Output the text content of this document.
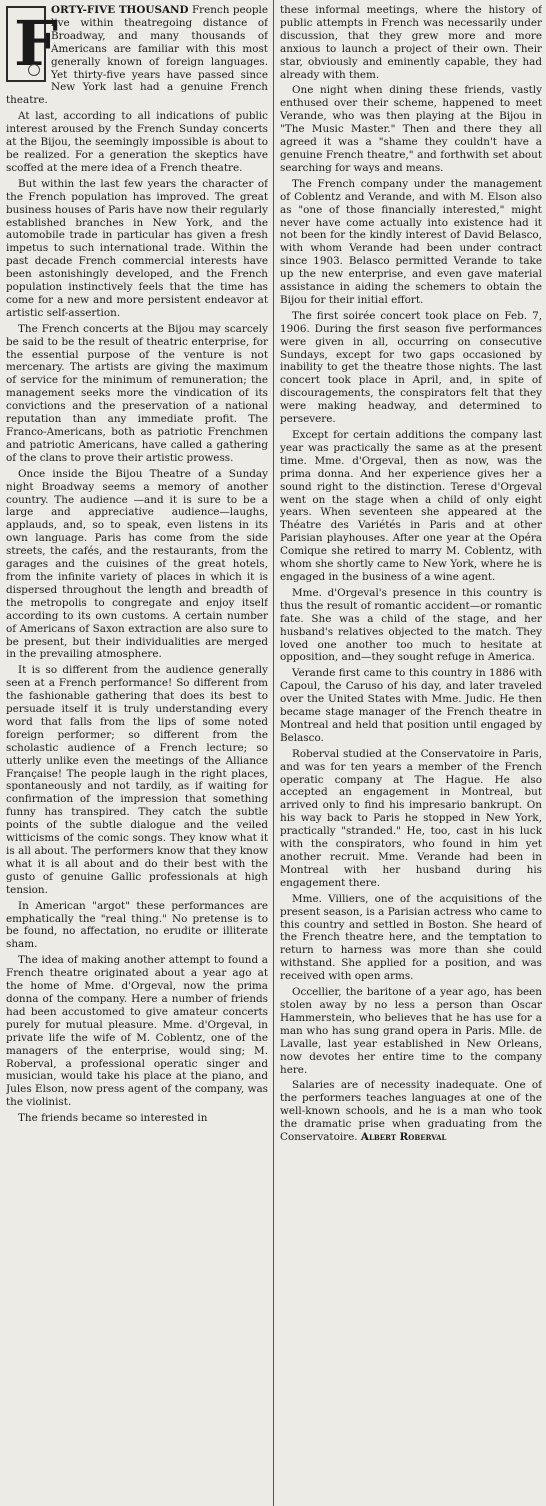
F
ORTY-FIVE THOUSAND French people live within theatregoing distance of Broadway, and many thousands of Americans are familiar with this most generally known of foreign languages. Yet thirty-five years have passed since New York last had a genuine French theatre.

At last, according to all indications of public interest aroused by the French Sunday concerts at the Bijou, the seemingly impossible is about to be realized. For a generation the skeptics have scoffed at the mere idea of a French theatre.

But within the last few years the character of the French population has improved. The great business houses of Paris have now their regularly established branches in New York, and the automobile trade in particular has given a fresh impetus to such international trade. Within the past decade French commercial interests have been astonishingly developed, and the French population instinctively feels that the time has come for a new and more persistent endeavor at artistic self-assertion.

The French concerts at the Bijou may scarcely be said to be the result of theatric enterprise, for the essential purpose of the venture is not mercenary. The artists are giving the maximum of service for the minimum of remuneration; the management seeks more the vindication of its convictions and the preservation of a national reputation than any immediate profit. The Franco-Americans, both as patriotic Frenchmen and patriotic Americans, have called a gathering of the clans to prove their artistic prowess.

Once inside the Bijou Theatre of a Sunday night Broadway seems a memory of another country. The audience —and it is sure to be a large and appreciative audience—laughs, applauds, and, so to speak, even listens in its own language. Paris has come from the side streets, the cafés, and the restaurants, from the garages and the cuisines of the great hotels, from the infinite variety of places in which it is dispersed throughout the length and breadth of the metropolis to congregate and enjoy itself according to its own customs. A certain number of Americans of Saxon extraction are also sure to be present, but their individualities are merged in the prevailing atmosphere.

It is so different from the audience generally seen at a French performance! So different from the fashionable gathering that does its best to persuade itself it is truly understanding every word that falls from the lips of some noted foreign performer; so different from the scholastic audience of a French lecture; so utterly unlike even the meetings of the Alliance Française! The people laugh in the right places, spontaneously and not tardily, as if waiting for confirmation of the impression that something funny has transpired. They catch the subtle points of the subtle dialogue and the veiled witticisms of the comic songs. They know what it is all about. The performers know that they know what it is all about and do their best with the gusto of genuine Gallic professionals at high tension.

In American "argot" these performances are emphatically the "real thing." No pretense is to be found, no affectation, no erudite or illiterate sham.

The idea of making another attempt to found a French theatre originated about a year ago at the home of Mme. d'Orgeval, now the prima donna of the company. Here a number of friends had been accustomed to give amateur concerts purely for mutual pleasure. Mme. d'Orgeval, in private life the wife of M. Coblentz, one of the managers of the enterprise, would sing; M. Roberval, a professional operatic singer and musician, would take his place at the piano, and Jules Elson, now press agent of the company, was the violinist.

The friends became so interested in

these informal meetings, where the history of public attempts in French was necessarily under discussion, that they grew more and more anxious to launch a project of their own. Their star, obviously and eminently capable, they had already with them.

One night when dining these friends, vastly enthused over their scheme, happened to meet Verande, who was then playing at the Bijou in "The Music Master." Then and there they all agreed it was a "shame they couldn't have a genuine French theatre," and forthwith set about searching for ways and means.

The French company under the management of Coblentz and Verande, and with M. Elson also as "one of those financially interested," might never have come actually into existence had it not been for the kindly interest of David Belasco, with whom Verande had been under contract since 1903. Belasco permitted Verande to take up the new enterprise, and even gave material assistance in aiding the schemers to obtain the Bijou for their initial effort.

The first soirée concert took place on Feb. 7, 1906. During the first season five performances were given in all, occurring on consecutive Sundays, except for two gaps occasioned by inability to get the theatre those nights. The last concert took place in April, and, in spite of discouragements, the conspirators felt that they were making headway, and determined to persevere.

Except for certain additions the company last year was practically the same as at the present time. Mme. d'Orgeval, then as now, was the prima donna. And her experience gives her a sound right to the distinction. Terese d'Orgeval went on the stage when a child of only eight years. When seventeen she appeared at the Théatre des Variétés in Paris and at other Parisian playhouses. After one year at the Opéra Comique she retired to marry M. Coblentz, with whom she shortly came to New York, where he is engaged in the business of a wine agent.

Mme. d'Orgeval's presence in this country is thus the result of romantic accident—or romantic fate. She was a child of the stage, and her husband's relatives objected to the match. They loved one another too much to hesitate at opposition, and—they sought refuge in America.

Verande first came to this country in 1886 with Capoul, the Caruso of his day, and later traveled over the United States with Mme. Judic. He then became stage manager of the French theatre in Montreal and held that position until engaged by Belasco.

Roberval studied at the Conservatoire in Paris, and was for ten years a member of the French operatic company at The Hague. He also accepted an engagement in Montreal, but arrived only to find his impresario bankrupt. On his way back to Paris he stopped in New York, practically "stranded." He, too, cast in his luck with the conspirators, who found in him yet another recruit. Mme. Verande had been in Montreal with her husband during his engagement there.

Mme. Villiers, one of the acquisitions of the present season, is a Parisian actress who came to this country and settled in Boston. She heard of the French theatre here, and the temptation to return to harness was more than she could withstand. She applied for a position, and was received with open arms.

Occellier, the baritone of a year ago, has been stolen away by no less a person than Oscar Hammerstein, who believes that he has use for a man who has sung grand opera in Paris. Mlle. de Lavalle, last year established in New Orleans, now devotes her entire time to the company here.

Salaries are of necessity inadequate. One of the performers teaches languages at one of the well-known schools, and he is a man who took the dramatic prise when graduating from the Conservatoire. Albert Roberval
